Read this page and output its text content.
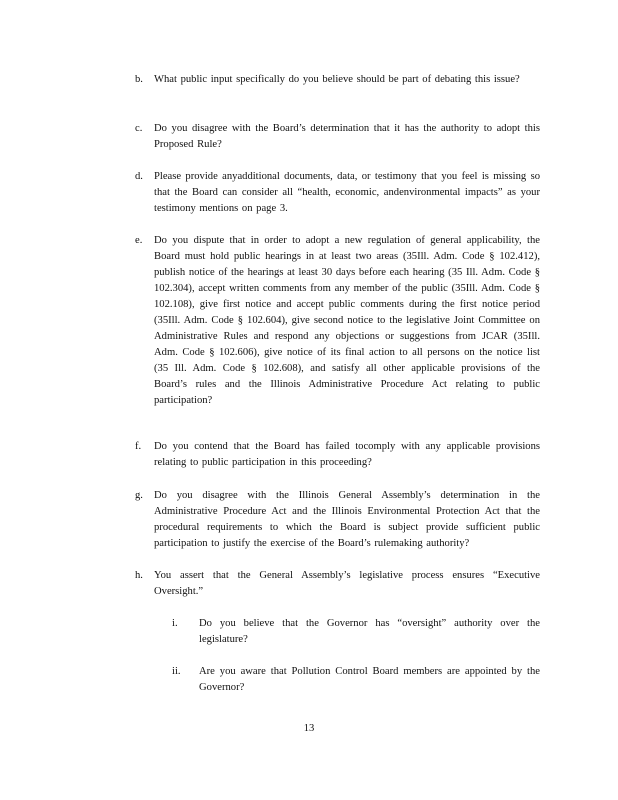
b.	What public input specifically do you believe should be part of debating this issue?
c.	Do you disagree with the Board’s determination that it has the authority to adopt this Proposed Rule?
d.	Please provide anyadditional documents, data, or testimony that you feel is missing so that the Board can consider all “health, economic, andenvironmental impacts” as your testimony mentions on page 3.
e.	Do you dispute that in order to adopt a new regulation of general applicability, the Board must hold public hearings in at least two areas (35Ill. Adm. Code § 102.412), publish notice of the hearings at least 30 days before each hearing (35 Ill. Adm. Code § 102.304), accept written comments from any member of the public (35Ill. Adm. Code § 102.108), give first notice and accept public comments during the first notice period (35Ill. Adm. Code § 102.604), give second notice to the legislative Joint Committee on Administrative Rules and respond any objections or suggestions from JCAR (35Ill. Adm. Code § 102.606), give notice of its final action to all persons on the notice list (35 Ill. Adm. Code § 102.608), and satisfy all other applicable provisions of the Board’s rules and the Illinois Administrative Procedure Act relating to public participation?
f.	Do you contend that the Board has failed tocomply with any applicable provisions relating to public participation in this proceeding?
g.	Do you disagree with the Illinois General Assembly’s determination in the Administrative Procedure Act and the Illinois Environmental Protection Act that the procedural requirements to which the Board is subject provide sufficient public participation to justify the exercise of the Board’s rulemaking authority?
h.	You assert that the General Assembly’s legislative process ensures “Executive Oversight.”
i.	Do you believe that the Governor has “oversight” authority over the legislature?
ii.	Are you aware that Pollution Control Board members are appointed by the Governor?
13
